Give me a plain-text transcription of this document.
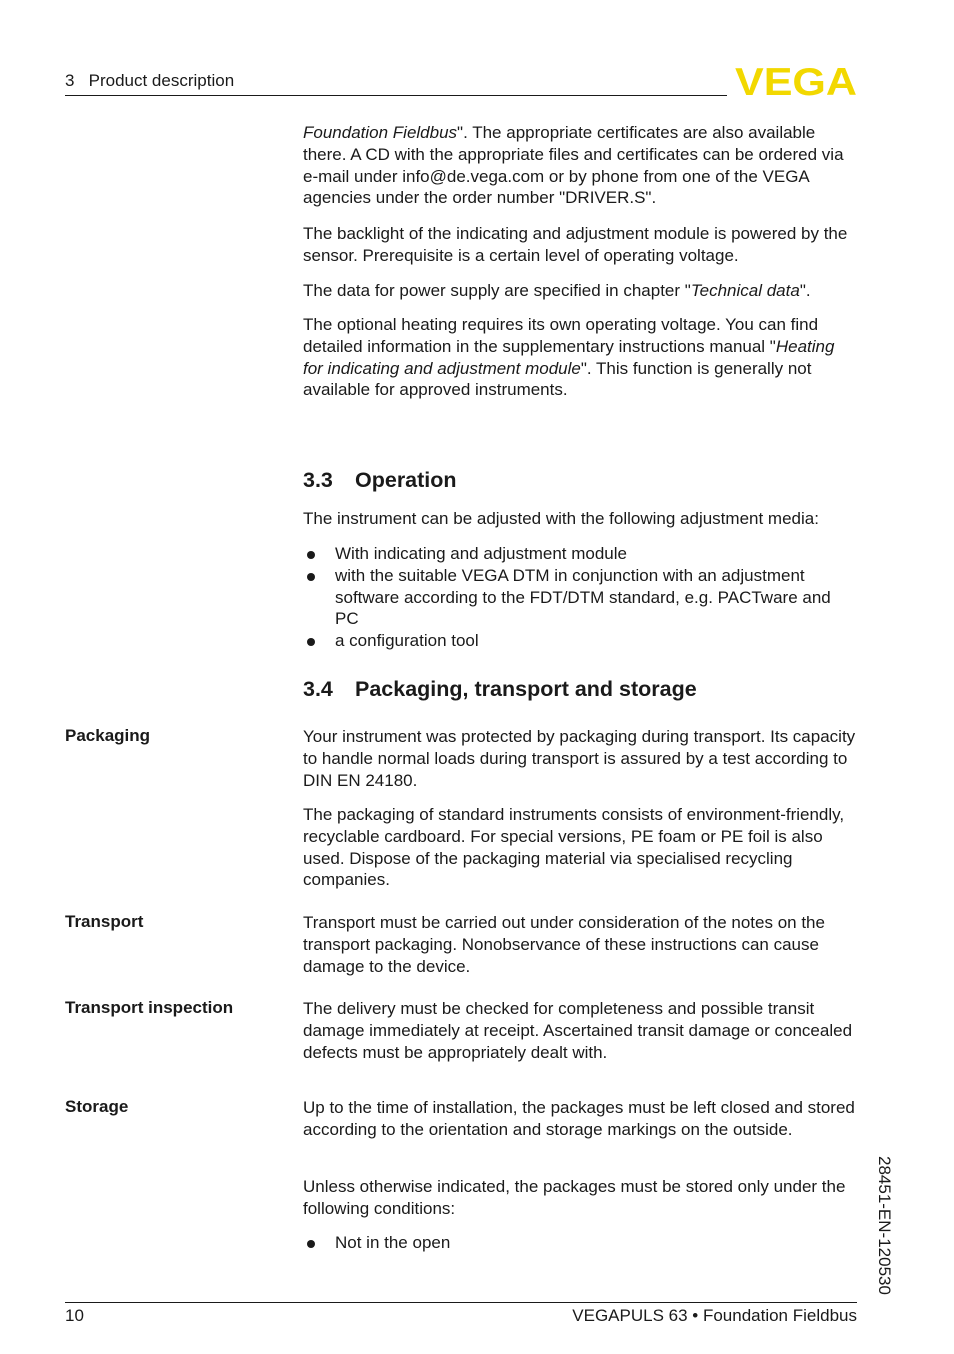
3   Product description	VEGA

Foundation Fieldbus". The appropriate certificates are also available there. A CD with the appropriate files and certificates can be ordered via e-mail under info@de.vega.com or by phone from one of the VEGA agencies under the order number "DRIVER.S".

The backlight of the indicating and adjustment module is powered by the sensor. Prerequisite is a certain level of operating voltage.

The data for power supply are specified in chapter "Technical data".

The optional heating requires its own operating voltage. You can find detailed information in the supplementary instructions manual "Heating for indicating and adjustment module". This function is generally not available for approved instruments.

3.3 Operation
The instrument can be adjusted with the following adjustment media:
With indicating and adjustment module
with the suitable VEGA DTM in conjunction with an adjustment software according to the FDT/DTM standard, e.g. PACTware and PC
a configuration tool
3.4 Packaging, transport and storage
Packaging	Your instrument was protected by packaging during transport. Its capacity to handle normal loads during transport is assured by a test according to DIN EN 24180.
The packaging of standard instruments consists of environment-friendly, recyclable cardboard. For special versions, PE foam or PE foil is also used. Dispose of the packaging material via specialised recycling companies.
Transport	Transport must be carried out under consideration of the notes on the transport packaging. Nonobservance of these instructions can cause damage to the device.
Transport inspection	The delivery must be checked for completeness and possible transit damage immediately at receipt. Ascertained transit damage or concealed defects must be appropriately dealt with.
Storage	Up to the time of installation, the packages must be left closed and stored according to the orientation and storage markings on the outside.
Unless otherwise indicated, the packages must be stored only under the following conditions:
Not in the open	28451-EN-120530
10	VEGAPULS 63 • Foundation Fieldbus
